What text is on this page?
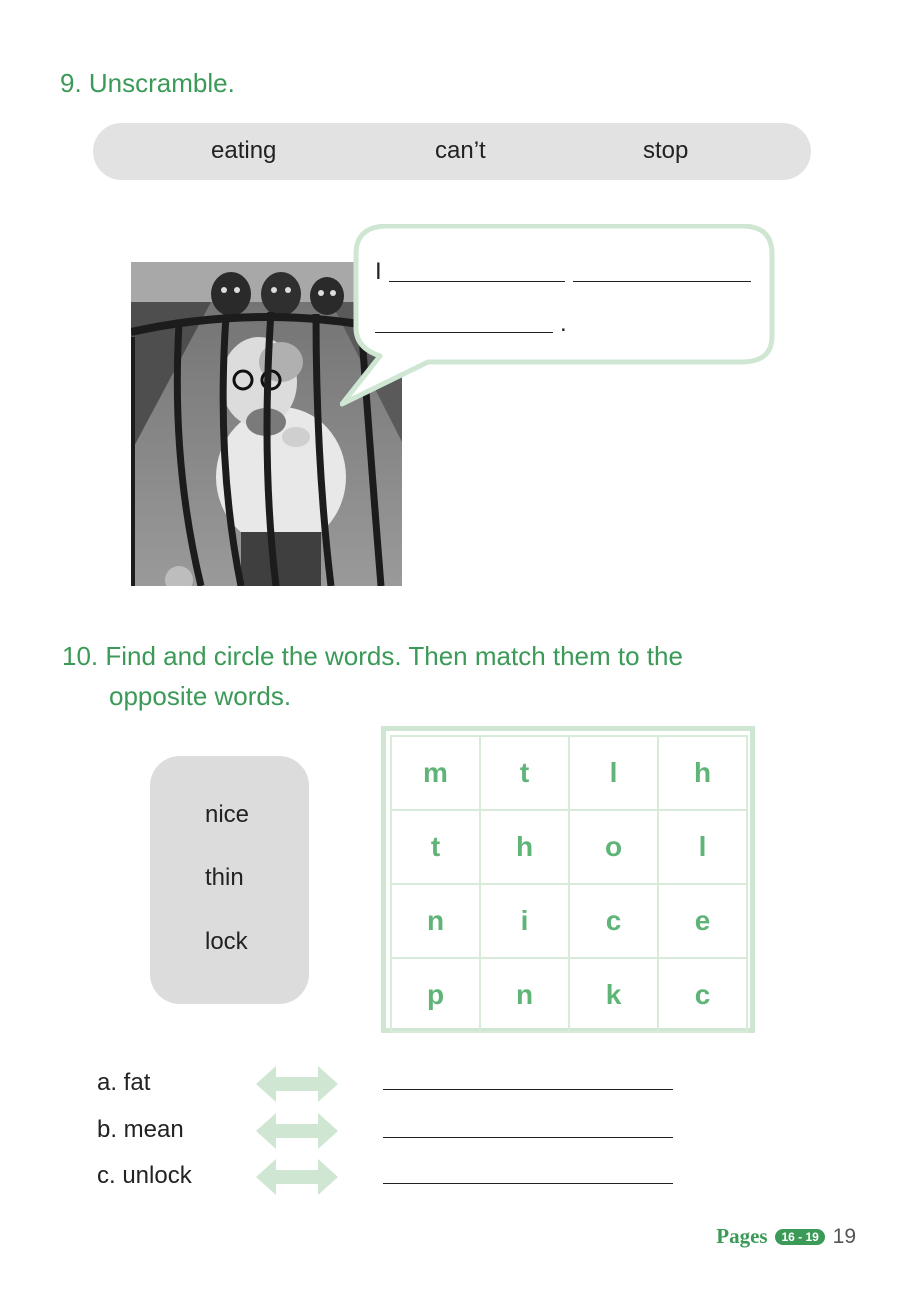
9. Unscramble.
eating	can’t	stop
I
.
10. Find and circle the words. Then match them to the
opposite words.
nice
thin
lock
m	t	l	h
t	h	o	l
n	i	c	e
p	n	k	c
a. fat
b. mean
c. unlock
Pages 16 - 19 19
